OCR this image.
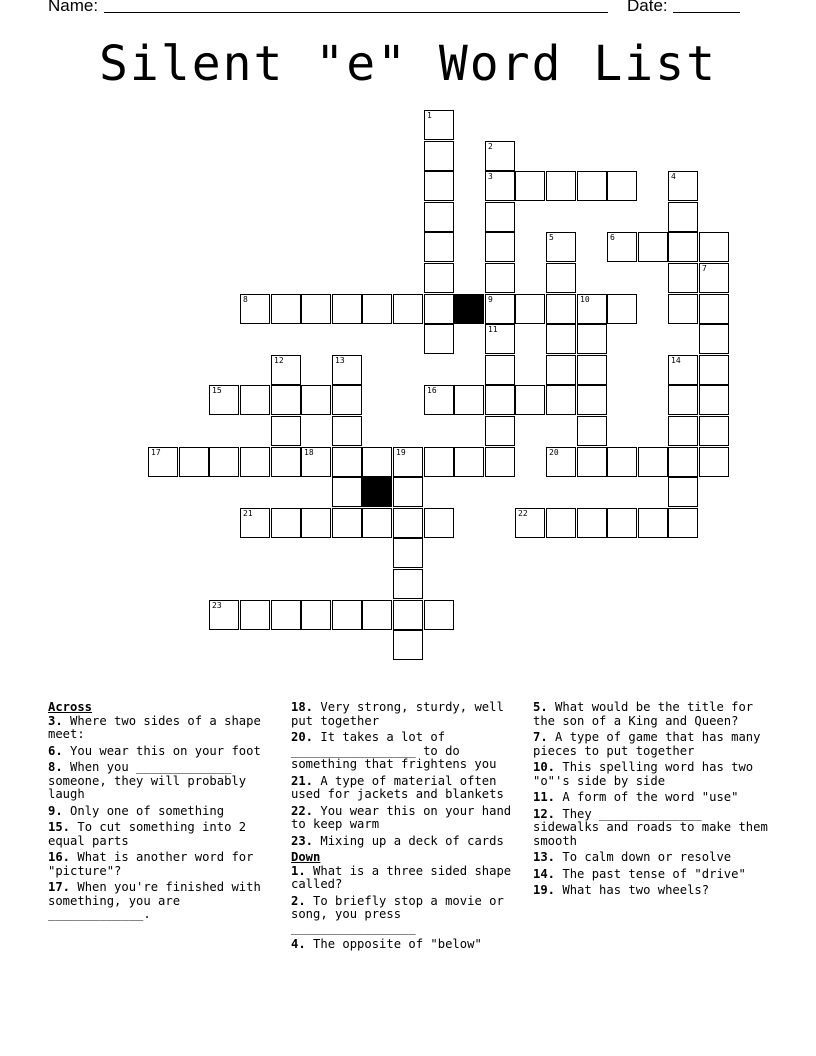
Name:	Date:
Silent "e" Word List
1
2
3	4
5	6
7
8	9	10
11
14
12	13
15	16
17	18	19	20
21	22
23
Across
3. Where two sides of a shape meet:
6. You wear this on your foot
8. When you _____________ someone, they will probably laugh
9. Only one of something
15. To cut something into 2 equal parts
16. What is another word for "picture"?
17. When you're finished with something, you are _____________.
18. Very strong, sturdy, well put together
20. It takes a lot of _________________ to do something that frightens you
21. A type of material often used for jackets and blankets
22. You wear this on your hand to keep warm
23. Mixing up a deck of cards
Down
1. What is a three sided shape called?
2. To briefly stop a movie or song, you press _________________
4. The opposite of "below"
5. What would be the title for the son of a King and Queen?
7. A type of game that has many pieces to put together
10. This spelling word has two "o"'s side by side
11. A form of the word "use"
12. They ______________ sidewalks and roads to make them smooth
13. To calm down or resolve
14. The past tense of "drive"
19. What has two wheels?
